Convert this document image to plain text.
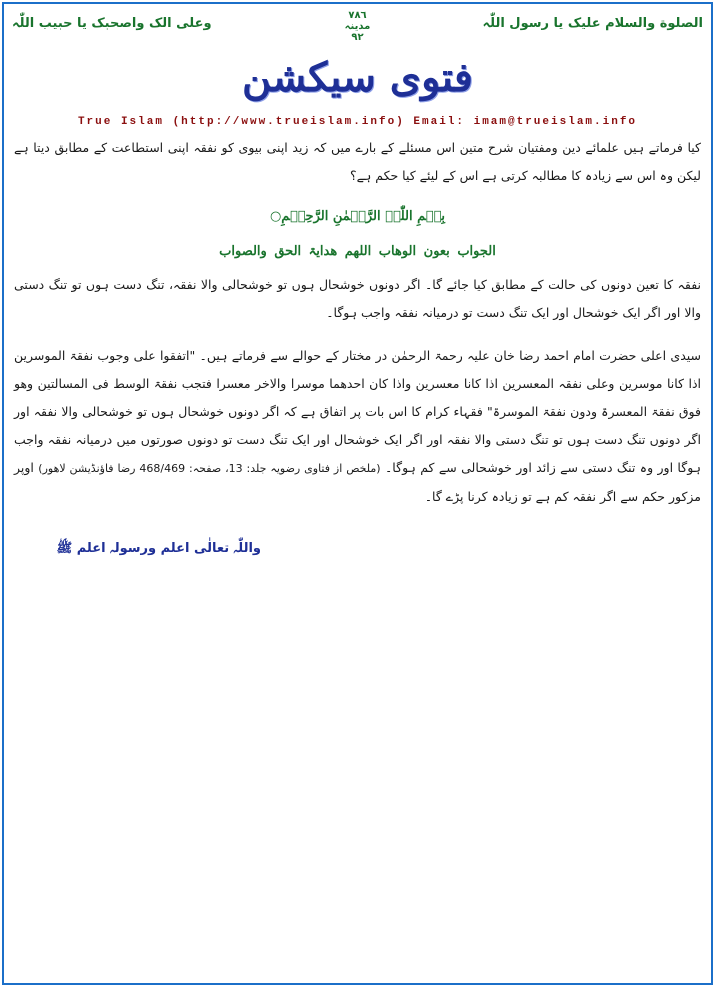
الصلوة والسلام علیک یا رسول اللّٰہ
٧٨٦
مدینہ
٩٢
وعلی الک واصحبک یا حبیب اللّٰہ
فتوی سیکشن
True Islam (http://www.trueislam.info) Email: imam@trueislam.info
کیا فرماتے ہیں علمائے دین ومفتیان شرح متین اس مسئلے کے بارے میں کہ زید اپنی بیوی کو نفقہ اپنی استطاعت کے مطابق دیتا ہے لیکن وہ اس سے زیادہ کا مطالبہ کرتی ہے اس کے لیئے کیا حکم ہے؟
بِسۡمِ اللّٰہِ الرَّحۡمٰنِ الرَّحِیۡمِ○
الجواب بعون الوھاب اللھم ھدایۃ الحق والصواب
نفقہ کا تعین دونوں کی حالت کے مطابق کیا جائے گا۔ اگر دونوں خوشحال ہوں تو خوشحالی والا نفقہ، تنگ دست ہوں تو تنگ دستی والا اور اگر ایک خوشحال اور ایک تنگ دست تو درمیانہ نفقہ واجب ہوگا۔
سیدی اعلی حضرت امام احمد رضا خان علیہ رحمۃ الرحمٰن در مختار کے حوالے سے فرماتے ہیں۔ "اتفقوا علی وجوب نفقۃ الموسرین اذا کانا موسرین وعلی نفقہ المعسرین اذا کانا معسرین واذا کان احدھما موسرا والاخر معسرا فتجب نفقۃ الوسط فی المسالتین وھو فوق نفقۃ المعسرۃ ودون نفقۃ الموسرۃ" فقہاء کرام کا اس بات پر اتفاق ہے کہ اگر دونوں خوشحال ہوں تو خوشحالی والا نفقہ اور اگر دونوں تنگ دست ہوں تو تنگ دستی والا نفقہ اور اگر ایک خوشحال اور ایک تنگ دست تو دونوں صورتوں میں درمیانہ نفقہ واجب ہوگا اور وہ تنگ دستی سے زائد اور خوشحالی سے کم ہوگا۔ (ملخص از فتاوی رضویہ جلد: 13، صفحہ: 468/469 رضا فاؤنڈیشن لاھور) اوپر مزکور حکم سے اگر نفقہ کم ہے تو زیادہ کرنا پڑے گا۔
واللّٰہ تعالٰی اعلم ورسولہ اعلم ﷺ
